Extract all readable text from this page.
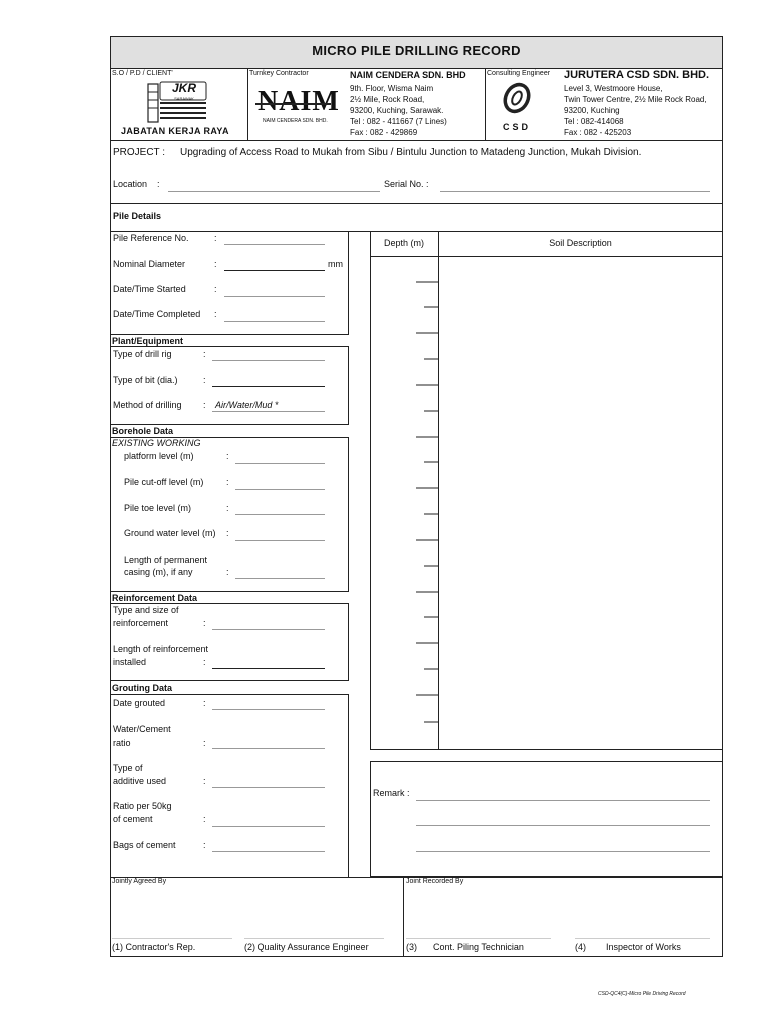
MICRO PILE DRILLING RECORD
S.O / P.D / CLIENT'
JKR
SARAWAK
JABATAN KERJA RAYA
Turnkey Contractor
NAIM
NAIM CENDERA SDN. BHD.
NAIM CENDERA SDN. BHD
9th. Floor, Wisma Naim
2½ Mile, Rock Road,
93200, Kuching, Sarawak.
Tel : 082 - 411667 (7 Lines)
Fax : 082 - 429869
Consulting Engineer
CSD
JURUTERA CSD SDN. BHD.
Level 3, Westmoore House,
Twin Tower Centre, 2½ Mile Rock Road,
93200, Kuching
Tel : 082-414068
Fax : 082 - 425203
PROJECT : Upgrading of Access Road to Mukah from Sibu / Bintulu Junction to Matadeng Junction, Mukah Division.
Location :	Serial No. :
Pile Details
Pile Reference No.	:
Nominal Diameter	:	mm
Date/Time Started	:
Date/Time Completed :
Plant/Equipment
Type of drill rig	:
Type of bit (dia.)	:
Method of drilling : Air/Water/Mud *
Borehole Data
EXISTING WORKING
platform level (m)	:
Pile cut-off level (m)	:
Pile toe level (m)	:
Ground water level (m) :
Length of permanent
casing (m), if any	:
Reinforcement Data
Type and size of
reinforcement	:
Length of reinforcement
installed	:
Grouting Data
Date grouted	:
Water/Cement
ratio	:
Type of
additive used	:
Ratio per 50kg
of cement	:
Bags of cement	:
Depth (m)	Soil Description
Remark :
Jointly Agreed By	Joint Recorded By
(1) Contractor's Rep.	(2) Quality Assurance Engineer	(3) Cont. Piling Technician	(4) Inspector of Works
CSD-QC4(C)-Micro Pile Driving Record
